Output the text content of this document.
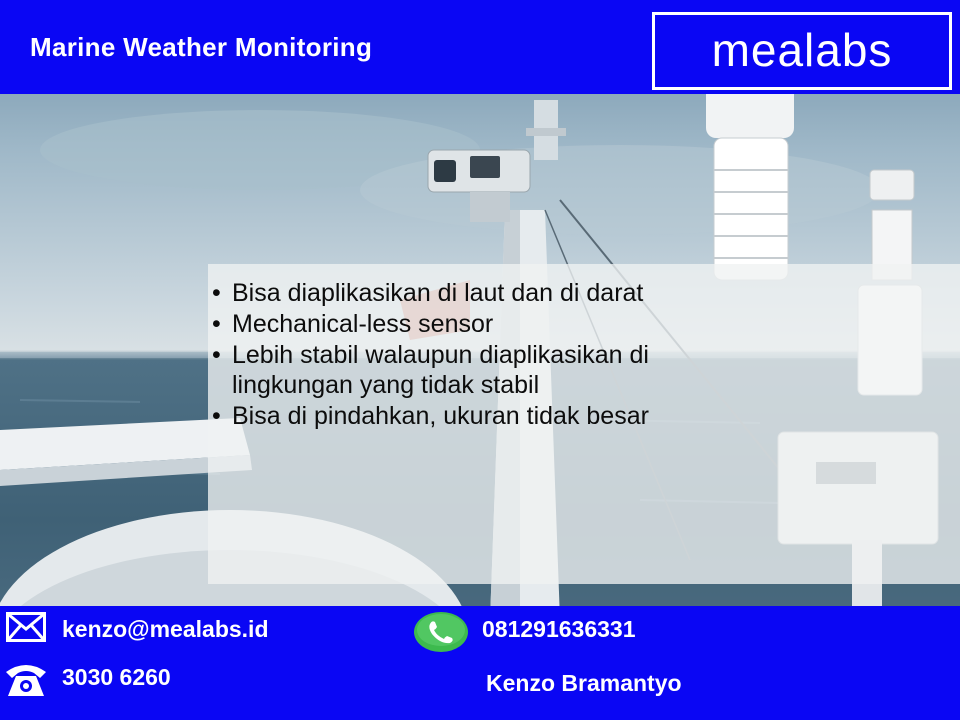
Marine Weather Monitoring	mealabs
• Bisa diaplikasikan di laut dan di darat
• Mechanical-less sensor
• Lebih stabil walaupun diaplikasikan di lingkungan yang tidak stabil
• Bisa di pindahkan, ukuran tidak besar
kenzo@mealabs.id
3030 6260
081291636331
Kenzo Bramantyo
